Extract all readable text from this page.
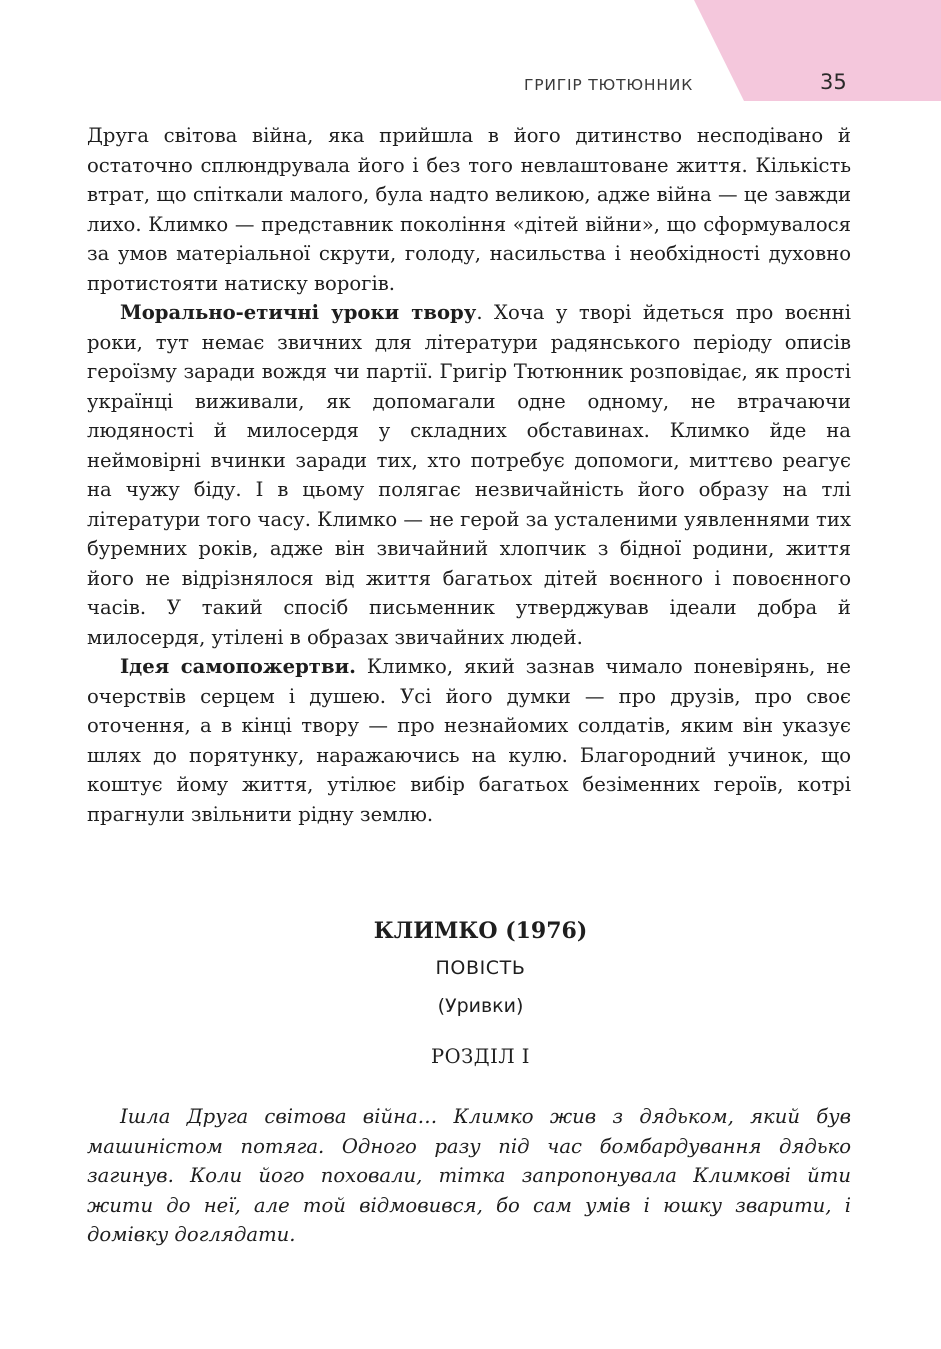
ГРИГІР ТЮТЮННИК	35

Друга світова війна, яка прийшла в його дитинство несподівано й остаточно сплюндрувала його і без того невлаштоване життя. Кількість втрат, що спіткали малого, була надто великою, адже війна — це завжди лихо. Климко — представник покоління «дітей війни», що сформувалося за умов матеріальної скрути, голоду, насильства і необхідності духовно протистояти натиску ворогів.

Морально-етичні уроки твору. Хоча у творі йдеться про воєнні роки, тут немає звичних для літератури радянського періоду описів героїзму заради вождя чи партії. Григір Тютюнник розповідає, як прості українці виживали, як допомагали одне одному, не втрачаючи людяності й милосердя у складних обставинах. Климко йде на неймовірні вчинки заради тих, хто потребує допомоги, миттєво реагує на чужу біду. І в цьому полягає незвичайність його образу на тлі літератури того часу. Климко — не герой за усталеними уявленнями тих буремних років, адже він звичайний хлопчик з бідної родини, життя його не відрізнялося від життя багатьох дітей воєнного і повоєнного часів. У такий спосіб письменник утверджував ідеали добра й милосердя, утілені в образах звичайних людей.

Ідея самопожертви. Климко, який зазнав чимало поневірянь, не очерствів серцем і душею. Усі його думки — про друзів, про своє оточення, а в кінці твору — про незнайомих солдатів, яким він указує шлях до порятунку, наражаючись на кулю. Благородний учинок, що коштує йому життя, утілює вибір багатьох безіменних героїв, котрі прагнули звільнити рідну землю.

КЛИМКО (1976)
ПОВІСТЬ
(Уривки)
РОЗДІЛ І

Ішла Друга світова війна… Климко жив з дядьком, який був машиністом потяга. Одного разу під час бомбардування дядько загинув. Коли його поховали, тітка запропонувала Климкові йти жити до неї, але той відмовився, бо сам умів і юшку зварити, і домівку доглядати.
